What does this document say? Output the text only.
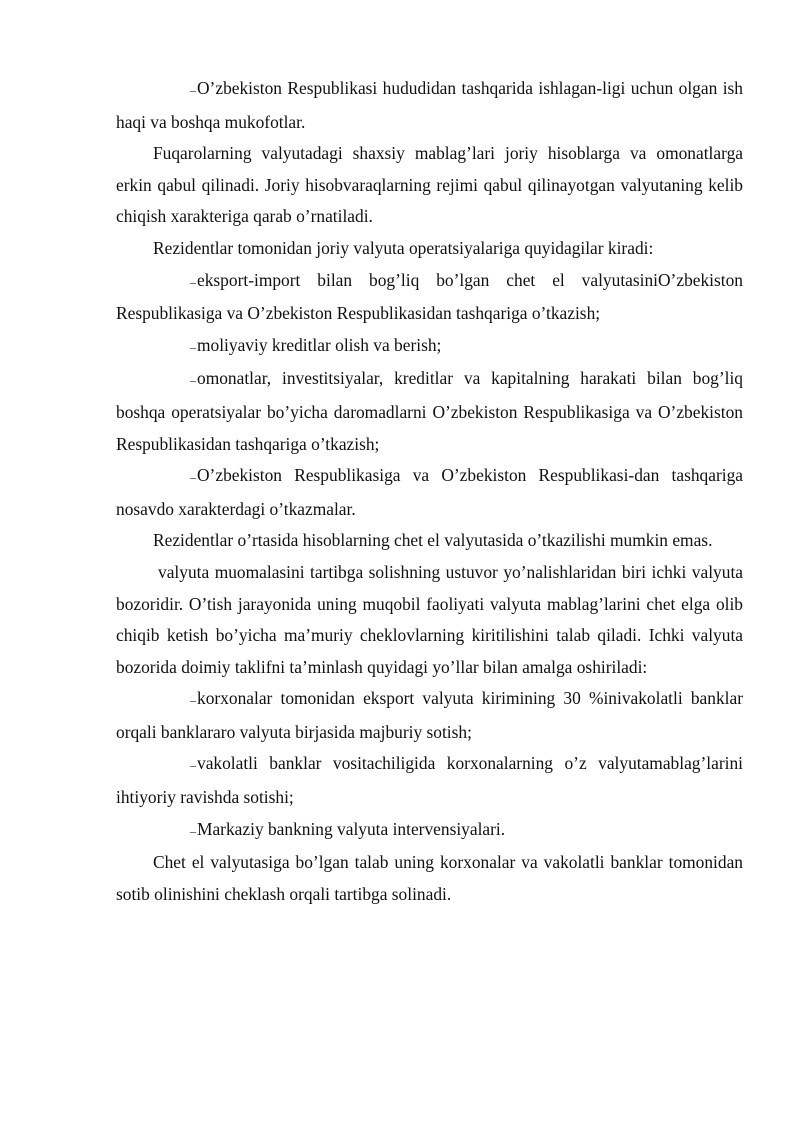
–O’zbekiston Respublikasi hududidan tashqarida ishlagan-ligi uchun olgan ish haqi va boshqa mukofotlar.

Fuqarolarning valyutadagi shaxsiy mablag’lari joriy hisoblarga va omonatlarga erkin qabul qilinadi. Joriy hisobvaraqlarning rejimi qabul qilinayotgan valyutaning kelib chiqish xarakteriga qarab o’rnatiladi.

Rezidentlar tomonidan joriy valyuta operatsiyalariga quyidagilar kiradi:

–eksport-import bilan bog’liq bo’lgan chet el valyutasiniO’zbekiston Respublikasiga va O’zbekiston Respublikasidan tashqariga o’tkazish;

–moliyaviy kreditlar olish va berish;

–omonatlar, investitsiyalar, kreditlar va kapitalning harakati bilan bog’liq boshqa operatsiyalar bo’yicha daromadlarni O’zbekiston Respublikasiga va O’zbekiston Respublikasidan tashqariga o’tkazish;

–O’zbekiston Respublikasiga va O’zbekiston Respublikasi-dan tashqariga nosavdo xarakterdagi o’tkazmalar.

Rezidentlar o’rtasida hisoblarning chet el valyutasida o’tkazilishi mumkin emas.

valyuta muomalasini tartibga solishning ustuvor yo’nalishlaridan biri ichki valyuta bozoridir. O’tish jarayonida uning muqobil faoliyati valyuta mablag’larini chet elga olib chiqib ketish bo’yicha ma’muriy cheklovlarning kiritilishini talab qiladi. Ichki valyuta bozorida doimiy taklifni ta’minlash quyidagi yo’llar bilan amalga oshiriladi:

–korxonalar tomonidan eksport valyuta kirimining 30 %inivakolatli banklar orqali banklararo valyuta birjasida majburiy sotish;

–vakolatli banklar vositachiligida korxonalarning o’z valyutamablag’larini ihtiyoriy ravishda sotishi;

–Markaziy bankning valyuta intervensiyalari.

Chet el valyutasiga bo’lgan talab uning korxonalar va vakolatli banklar tomonidan sotib olinishini cheklash orqali tartibga solinadi.
